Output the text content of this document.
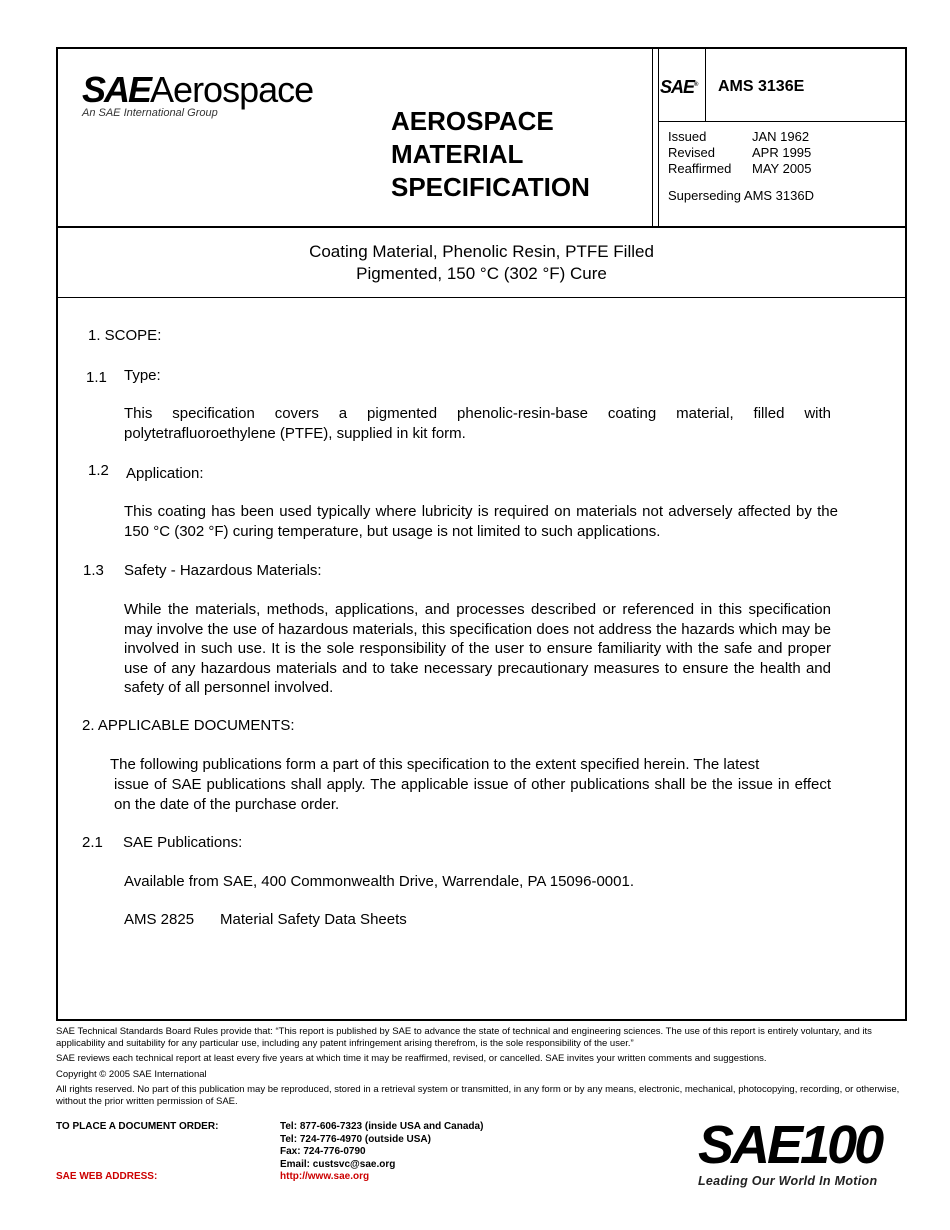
SAEAerospace
An SAE International Group	AEROSPACE
MATERIAL
SPECIFICATION
SAE® AMS 3136E
Issued	JAN 1962
Revised	APR 1995
Reaffirmed	MAY 2005
Superseding AMS 3136D
Coating Material, Phenolic Resin, PTFE Filled
Pigmented, 150 °C (302 °F) Cure
1. SCOPE:
1.1 Type:
This specification covers a pigmented phenolic-resin-base coating material, filled with polytetrafluoroethylene (PTFE), supplied in kit form.
1.2 Application:
This coating has been used typically where lubricity is required on materials not adversely affected by the 150 °C (302 °F) curing temperature, but usage is not limited to such applications.
1.3 Safety - Hazardous Materials:
While the materials, methods, applications, and processes described or referenced in this specification may involve the use of hazardous materials, this specification does not address the hazards which may be involved in such use. It is the sole responsibility of the user to ensure familiarity with the safe and proper use of any hazardous materials and to take necessary precautionary measures to ensure the health and safety of all personnel involved.
2. APPLICABLE DOCUMENTS:
The following publications form a part of this specification to the extent specified herein. The latest
issue of SAE publications shall apply. The applicable issue of other publications shall be the issue in effect on the date of the purchase order.
2.1 SAE Publications:
Available from SAE, 400 Commonwealth Drive, Warrendale, PA 15096-0001.
AMS 2825 Material Safety Data Sheets

SAE Technical Standards Board Rules provide that: “This report is published by SAE to advance the state of technical and engineering sciences. The use of this report is entirely voluntary, and its applicability and suitability for any particular use, including any patent infringement arising therefrom, is the sole responsibility of the user.”

SAE reviews each technical report at least every five years at which time it may be reaffirmed, revised, or cancelled. SAE invites your written comments and suggestions.

Copyright © 2005 SAE International

All rights reserved. No part of this publication may be reproduced, stored in a retrieval system or transmitted, in any form or by any means, electronic, mechanical, photocopying, recording, or otherwise, without the prior written permission of SAE.

TO PLACE A DOCUMENT ORDER:	Tel: 877-606-7323 (inside USA and Canada)
Tel: 724-776-4970 (outside USA)
Fax: 724-776-0790
Email: custsvc@sae.org
SAE WEB ADDRESS:	http://www.sae.org
SAE100
Leading Our World In Motion
